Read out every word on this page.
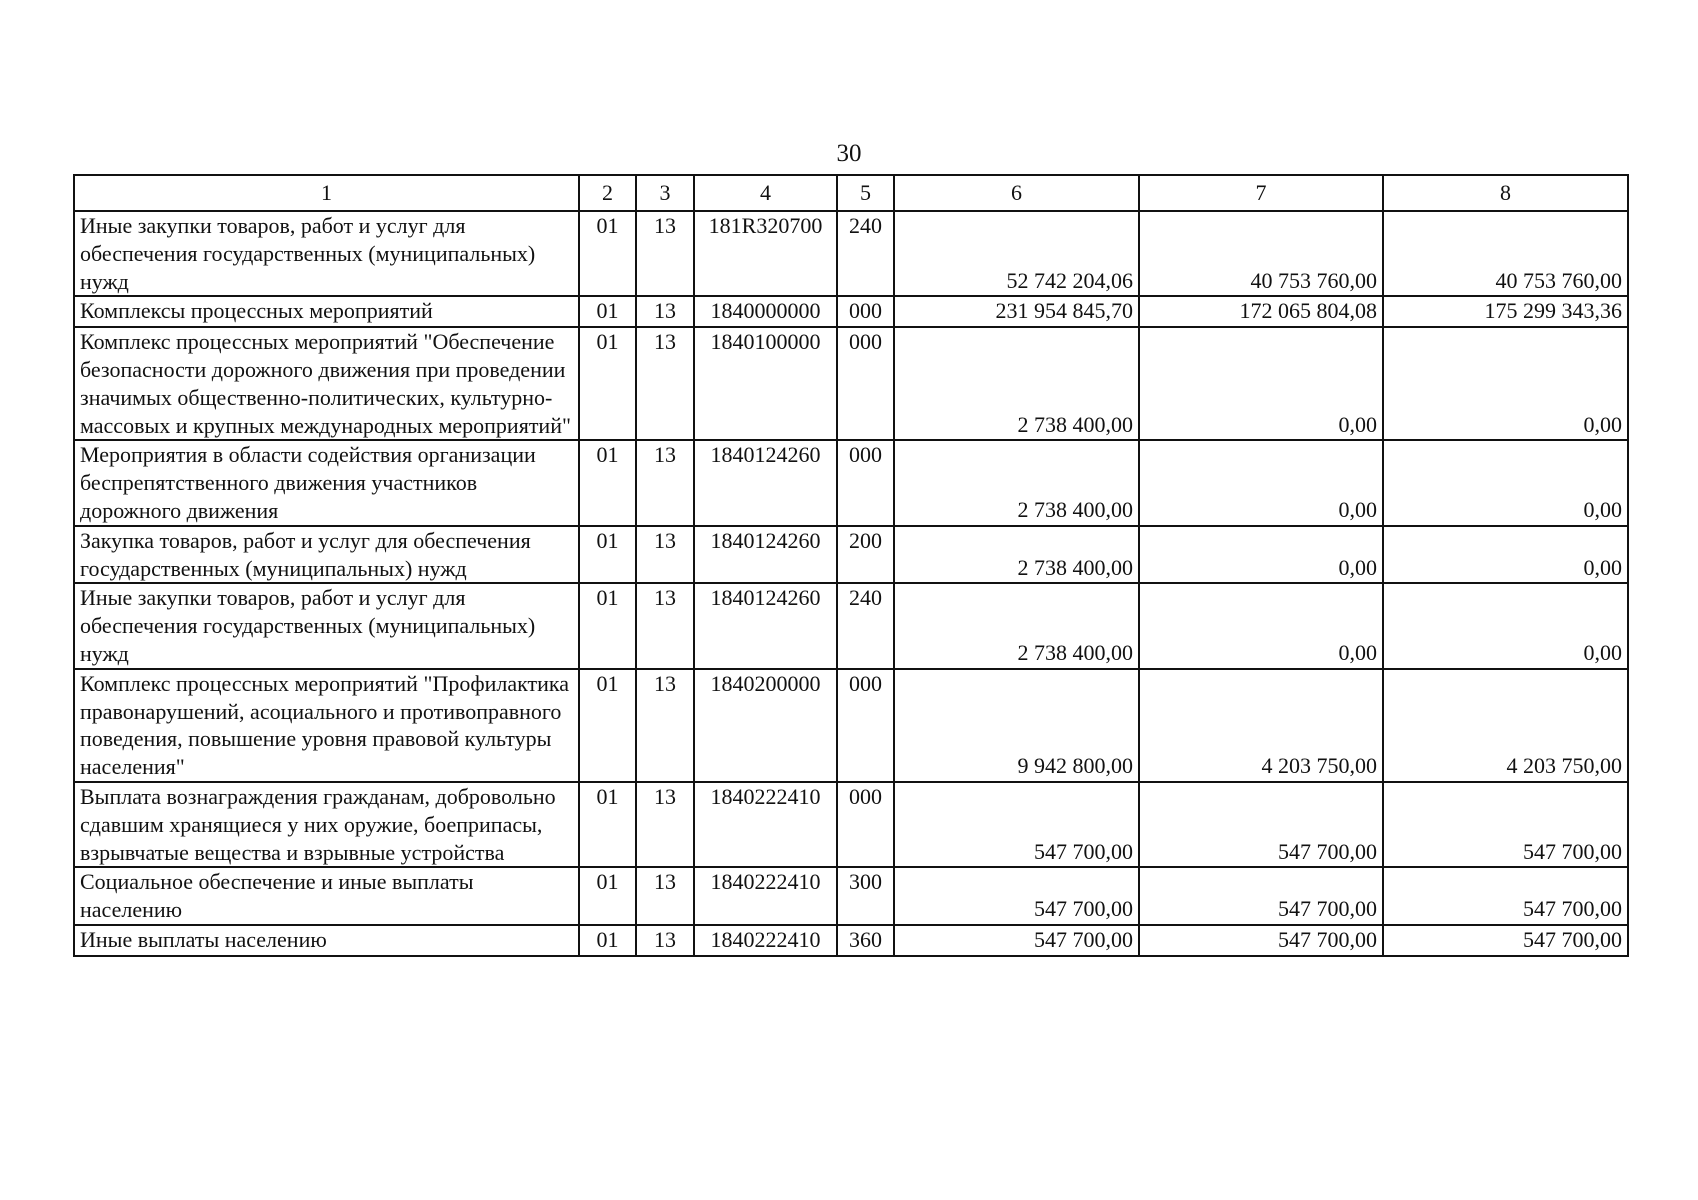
30
1	2	3	4	5	6	7	8
Иные закупки товаров, работ и услуг для обеспечения государственных (муниципальных) нужд	01	13	181R320700	240	52 742 204,06	40 753 760,00	40 753 760,00
Комплексы процессных мероприятий	01	13	1840000000	000	231 954 845,70	172 065 804,08	175 299 343,36
Комплекс процессных мероприятий "Обеспечение безопасности дорожного движения при проведении значимых общественно-политических, культурно-массовых и крупных международных мероприятий"	01	13	1840100000	000	2 738 400,00	0,00	0,00
Мероприятия в области содействия организации беспрепятственного движения участников дорожного движения	01	13	1840124260	000	2 738 400,00	0,00	0,00
Закупка товаров, работ и услуг для обеспечения государственных (муниципальных) нужд	01	13	1840124260	200	2 738 400,00	0,00	0,00
Иные закупки товаров, работ и услуг для обеспечения государственных (муниципальных) нужд	01	13	1840124260	240	2 738 400,00	0,00	0,00
Комплекс процессных мероприятий "Профилактика правонарушений, асоциального и противоправного поведения, повышение уровня правовой культуры населения"	01	13	1840200000	000	9 942 800,00	4 203 750,00	4 203 750,00
Выплата вознаграждения гражданам, добровольно сдавшим хранящиеся у них оружие, боеприпасы, взрывчатые вещества и взрывные устройства	01	13	1840222410	000	547 700,00	547 700,00	547 700,00
Социальное обеспечение и иные выплаты населению	01	13	1840222410	300	547 700,00	547 700,00	547 700,00
Иные выплаты населению	01	13	1840222410	360	547 700,00	547 700,00	547 700,00
